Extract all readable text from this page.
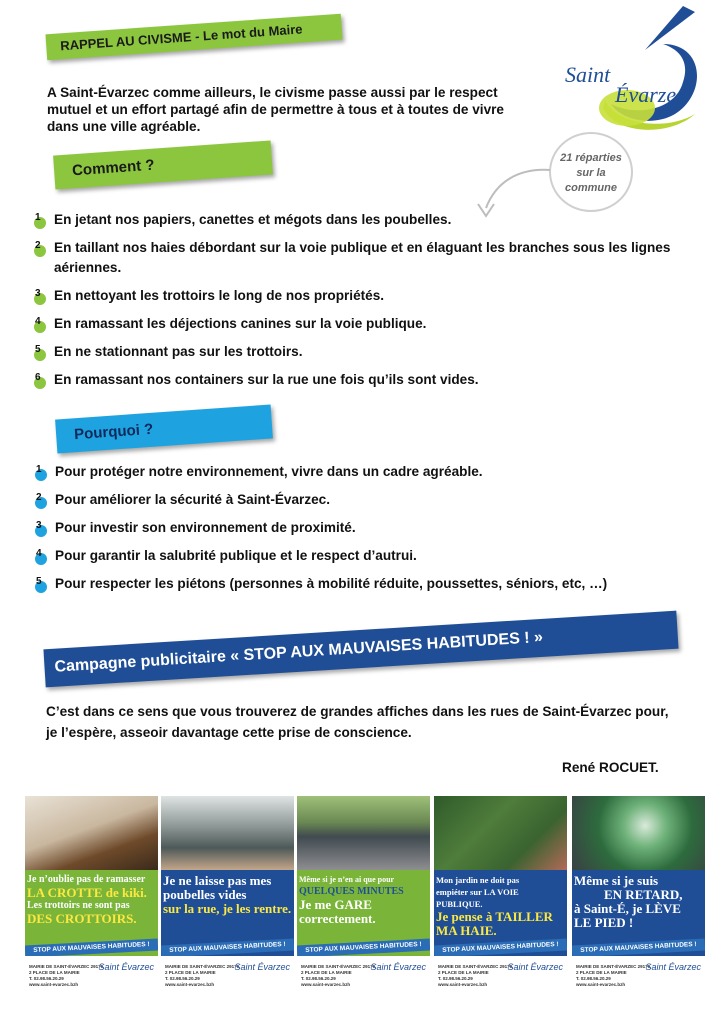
RAPPEL AU CIVISME - Le mot du Maire
Saint
Évarzec

A Saint-Évarzec comme ailleurs, le civisme passe aussi par le respect mutuel et un effort partagé afin de permettre à tous et à toutes de vivre dans une ville agréable.

21 réparties
sur la
commune
Comment ?
1 En jetant nos papiers, canettes et mégots dans les poubelles.
2 En taillant nos haies débordant sur la voie publique et en élaguant les branches sous les lignes aériennes.
3 En nettoyant les trottoirs le long de nos propriétés.
4 En ramassant les déjections canines sur la voie publique.
5 En ne stationnant pas sur les trottoirs.
6 En ramassant nos containers sur la rue une fois qu’ils sont vides.
Pourquoi ?
1 Pour protéger notre environnement, vivre dans un cadre agréable.
2 Pour améliorer la sécurité à Saint-Évarzec.
3 Pour investir son environnement de proximité.
4 Pour garantir la salubrité publique et le respect d’autrui.
5 Pour respecter les piétons (personnes à mobilité réduite, poussettes, séniors, etc, …)
Campagne publicitaire « STOP AUX MAUVAISES HABITUDES ! »

C’est dans ce sens que vous trouverez de grandes affiches dans les rues de Saint-Évarzec pour, je l’espère, asseoir davantage cette prise de conscience.

René ROCUET.

Je n’oublie pas de ramasser
LA CROTTE de kiki.
Les trottoirs ne sont pas
DES CROTTOIRS.
STOP AUX MAUVAISES HABITUDES !
MAIRIE DE SAINT-ÉVARZEC 29170
2 PLACE DE LA MAIRIE
T. 02.98.56.20.29
www.saint-evarzec.bzh
Saint Évarzec
Je ne laisse pas mes
poubelles vides
sur la rue, je les rentre.
STOP AUX MAUVAISES HABITUDES !
MAIRIE DE SAINT-ÉVARZEC 29170
2 PLACE DE LA MAIRIE
T. 02.98.56.20.29
www.saint-evarzec.bzh
Saint Évarzec
Même si je n’en ai que pour
QUELQUES MINUTES
Je me GARE
correctement.
STOP AUX MAUVAISES HABITUDES !
MAIRIE DE SAINT-ÉVARZEC 29170
2 PLACE DE LA MAIRIE
T. 02.98.56.20.29
www.saint-evarzec.bzh
Saint Évarzec
Mon jardin ne doit pas
empiéter sur LA VOIE PUBLIQUE.
Je pense à TAILLER
MA HAIE.
STOP AUX MAUVAISES HABITUDES !
MAIRIE DE SAINT-ÉVARZEC 29170
2 PLACE DE LA MAIRIE
T. 02.98.56.20.29
www.saint-evarzec.bzh
Saint Évarzec
Même si je suis
EN RETARD,
à Saint-É, je LÈVE
LE PIED !
STOP AUX MAUVAISES HABITUDES !
MAIRIE DE SAINT-ÉVARZEC 29170
2 PLACE DE LA MAIRIE
T. 02.98.56.20.29
www.saint-evarzec.bzh
Saint Évarzec
